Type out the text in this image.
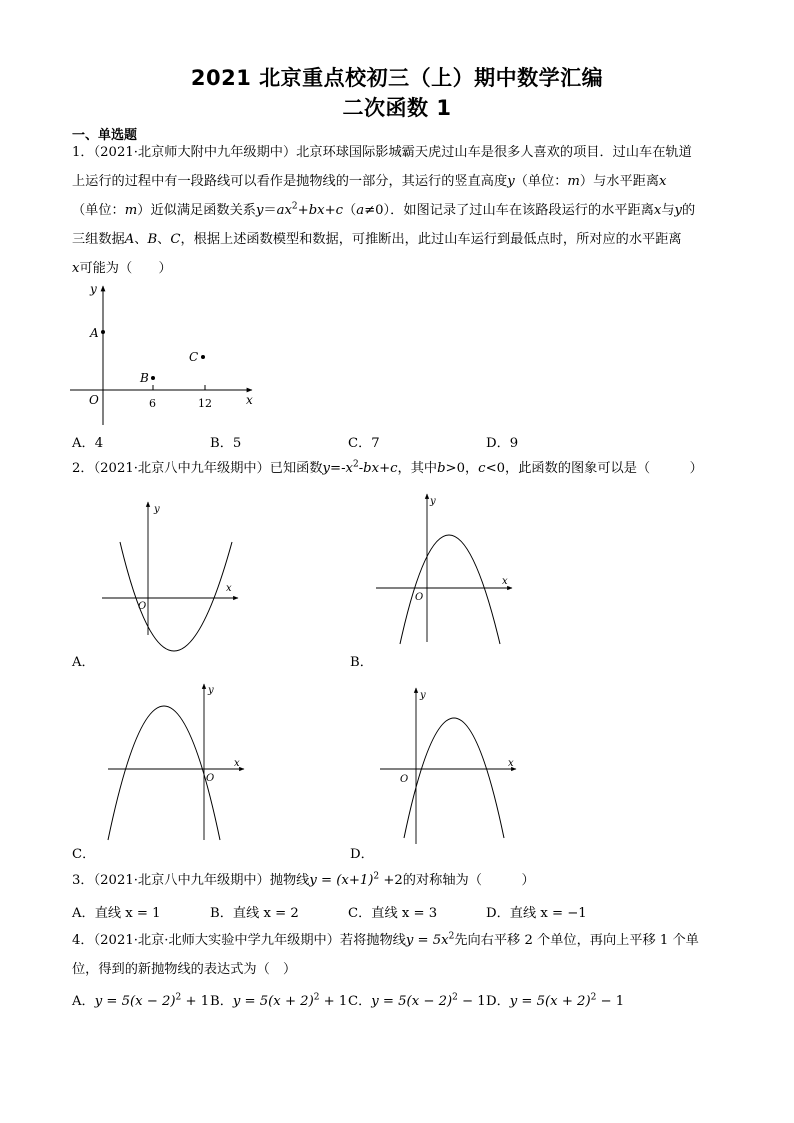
2021 北京重点校初三（上）期中数学汇编
二次函数 1
一、单选题
1．（2021·北京师大附中九年级期中）北京环球国际影城霸天虎过山车是很多人喜欢的项目．过山车在轨道
上运行的过程中有一段路线可以看作是抛物线的一部分，其运行的竖直高度y（单位：m）与水平距离x
（单位：m）近似满足函数关系$y=ax^2+bx+c(a\ne 0)$．如图记录了过山车在该路段运行的水平距离x与y的
三组数据A、B、C，根据上述函数模型和数据，可推断出，此过山车运行到最低点时，所对应的水平距离
x可能为（　　）
y
x
O	6	12
A
B
C
A．4	B．5	C．7	D．9
2．（2021·北京八中九年级期中）已知函数$y=-x^2-bx+c$，其中b>0，c<0，此函数的图象可以是（　　　）
y
x
O
A．
y
x
O
B．
y
x
O
C．
y
x
O
D．
3．（2021·北京八中九年级期中）抛物线$y = (x+1)^2 +2$的对称轴为（　　　）
A．直线 x = 1	B．直线 x = 2	C．直线 x = 3	D．直线 x = −1
4．（2021·北京·北师大实验中学九年级期中）若将抛物线$y = 5x^2$先向右平移 2 个单位，再向上平移 1 个单
位，得到的新抛物线的表达式为（　）
A．$y = 5(x - 2)^2 + 1$ B．$y = 5(x + 2)^2 + 1$ C．$y = 5(x - 2)^2 - 1$ D．$y = 5(x + 2)^2 - 1$
